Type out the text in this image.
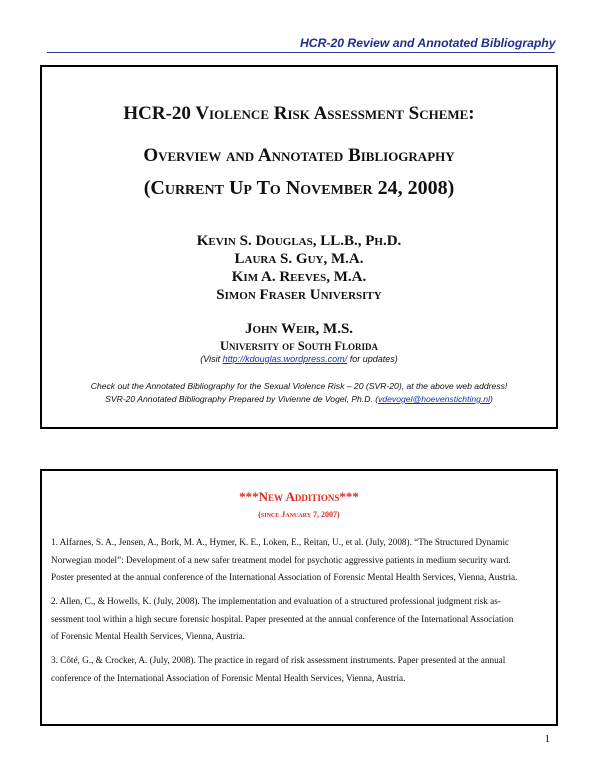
HCR-20 Review and Annotated Bibliography
HCR-20 Violence Risk Assessment Scheme:
Overview and Annotated Bibliography
(Current Up To November 24, 2008)
Kevin S. Douglas, LL.B., Ph.D.
Laura S. Guy, M.A.
Kim A. Reeves, M.A.
Simon Fraser University
John Weir, M.S.
University of South Florida
(Visit http://kdouglas.wordpress.com/ for updates)
Check out the Annotated Bibliography for the Sexual Violence Risk – 20 (SVR-20), at the above web address!
SVR-20 Annotated Bibliography Prepared by Vivienne de Vogel, Ph.D. (vdevogel@hoevenstichting.nl)
***New Additions***
(since January 7, 2007)
1. Alfarnes, S. A., Jensen, A., Bork, M. A., Hymer, K. E., Loken, E., Reitan, U., et al. (July, 2008). “The Structured Dynamic
Norwegian model”: Development of a new safer treatment model for psychotic aggressive patients in medium security ward.
Poster presented at the annual conference of the International Association of Forensic Mental Health Services, Vienna, Austria.
2. Allen, C., & Howells, K. (July, 2008). The implementation and evaluation of a structured professional judgment risk as-
sessment tool within a high secure forensic hospital. Paper presented at the annual conference of the International Association
of Forensic Mental Health Services, Vienna, Austria.
3. Côté, G., & Crocker, A. (July, 2008). The practice in regard of risk assessment instruments. Paper presented at the annual
conference of the International Association of Forensic Mental Health Services, Vienna, Austria.
1
